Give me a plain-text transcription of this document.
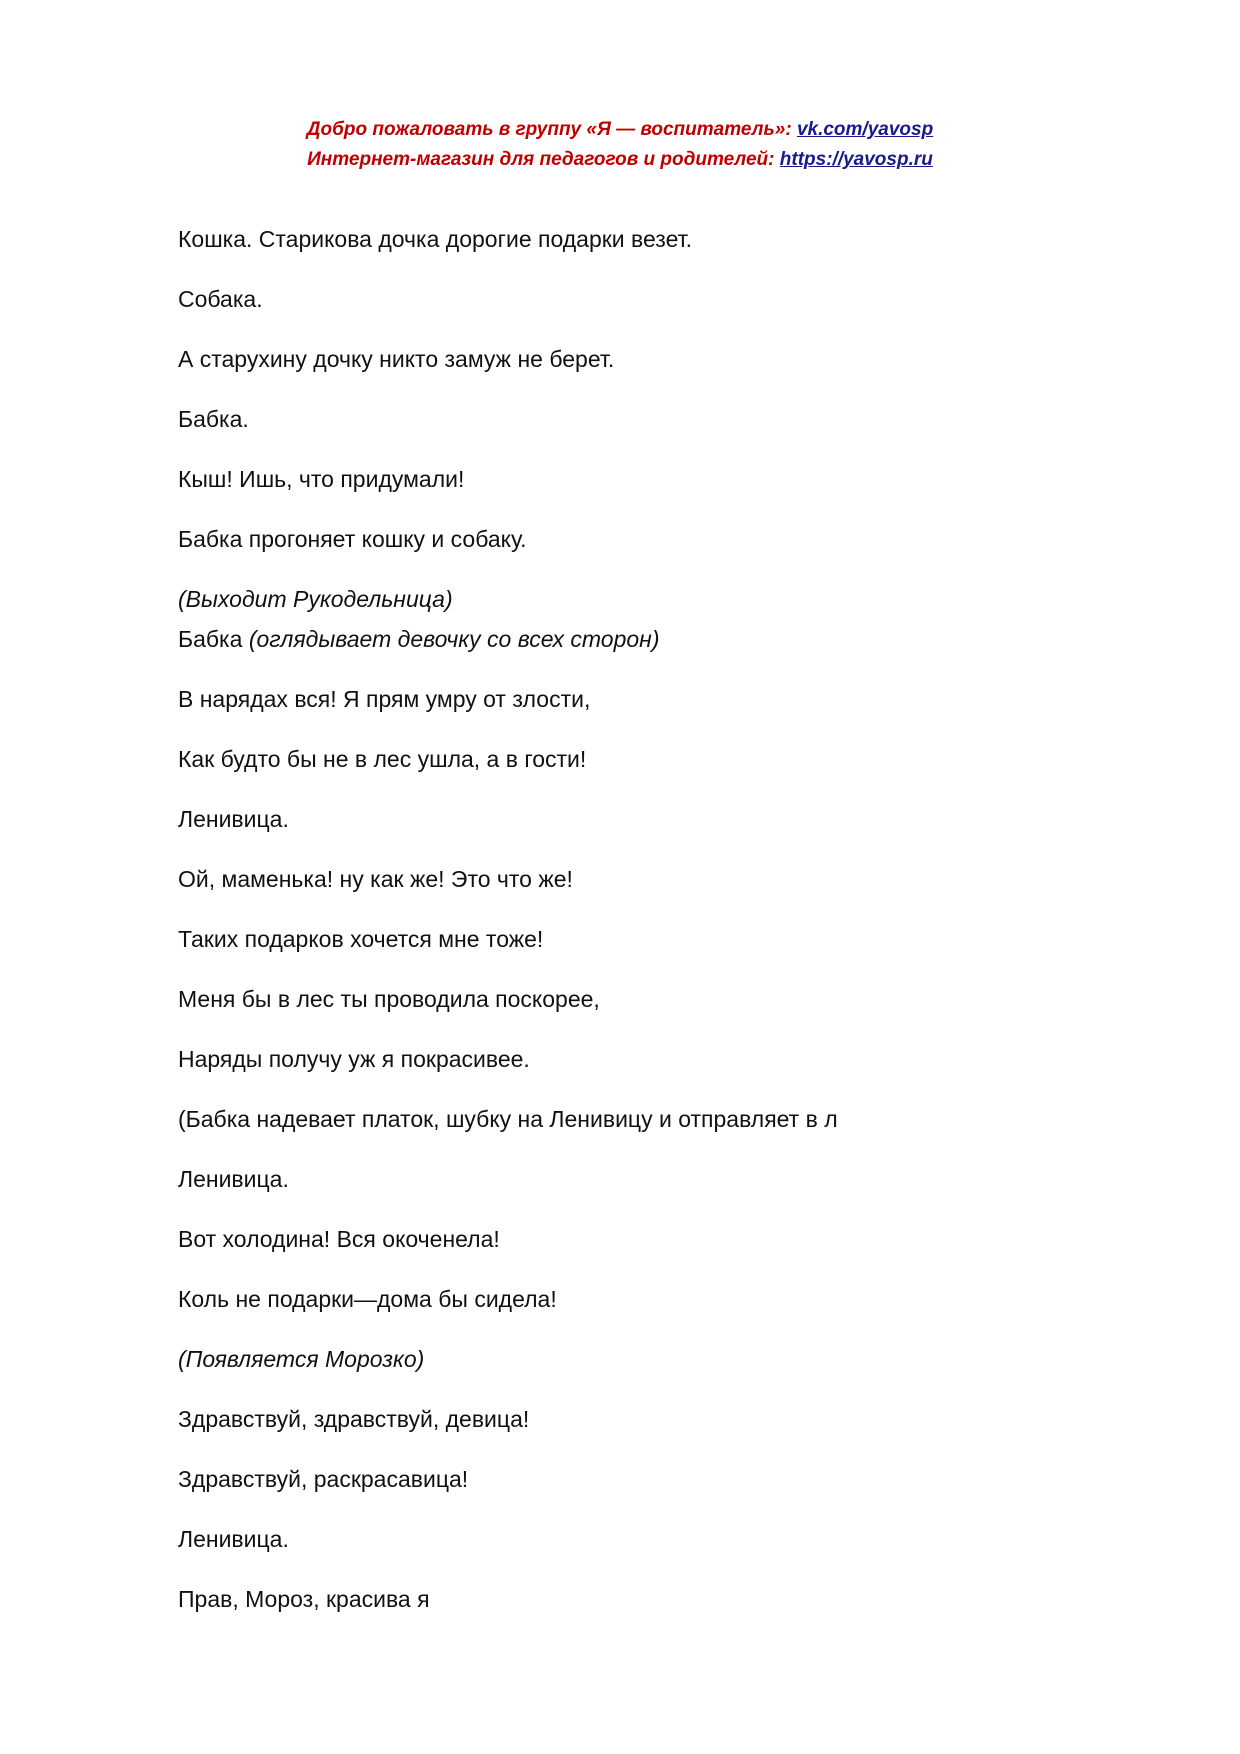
Добро пожаловать в группу «Я — воспитатель»: vk.com/yavosp
Интернет-магазин для педагогов и родителей: https://yavosp.ru
Кошка. Старикова дочка дорогие подарки везет.
Собака.
А старухину дочку никто замуж не берет.
Бабка.
Кыш! Ишь, что придумали!
Бабка прогоняет кошку и собаку.
(Выходит Рукодельница)
Бабка (оглядывает девочку со всех сторон)
В нарядах вся! Я прям умру от злости,
Как будто бы не в лес ушла, а в гости!
Ленивица.
Ой, маменька! ну как же! Это что же!
Таких подарков хочется мне тоже!
Меня бы в лес ты проводила поскорее,
Наряды получу уж я покрасивее.
(Бабка надевает платок, шубку на Ленивицу и отправляет в л
Ленивица.
Вот холодина! Вся окоченела!
Коль не подарки—дома бы сидела!
(Появляется Морозко)
Здравствуй, здравствуй, девица!
Здравствуй, раскрасавица!
Ленивица.
Прав, Мороз, красива я
